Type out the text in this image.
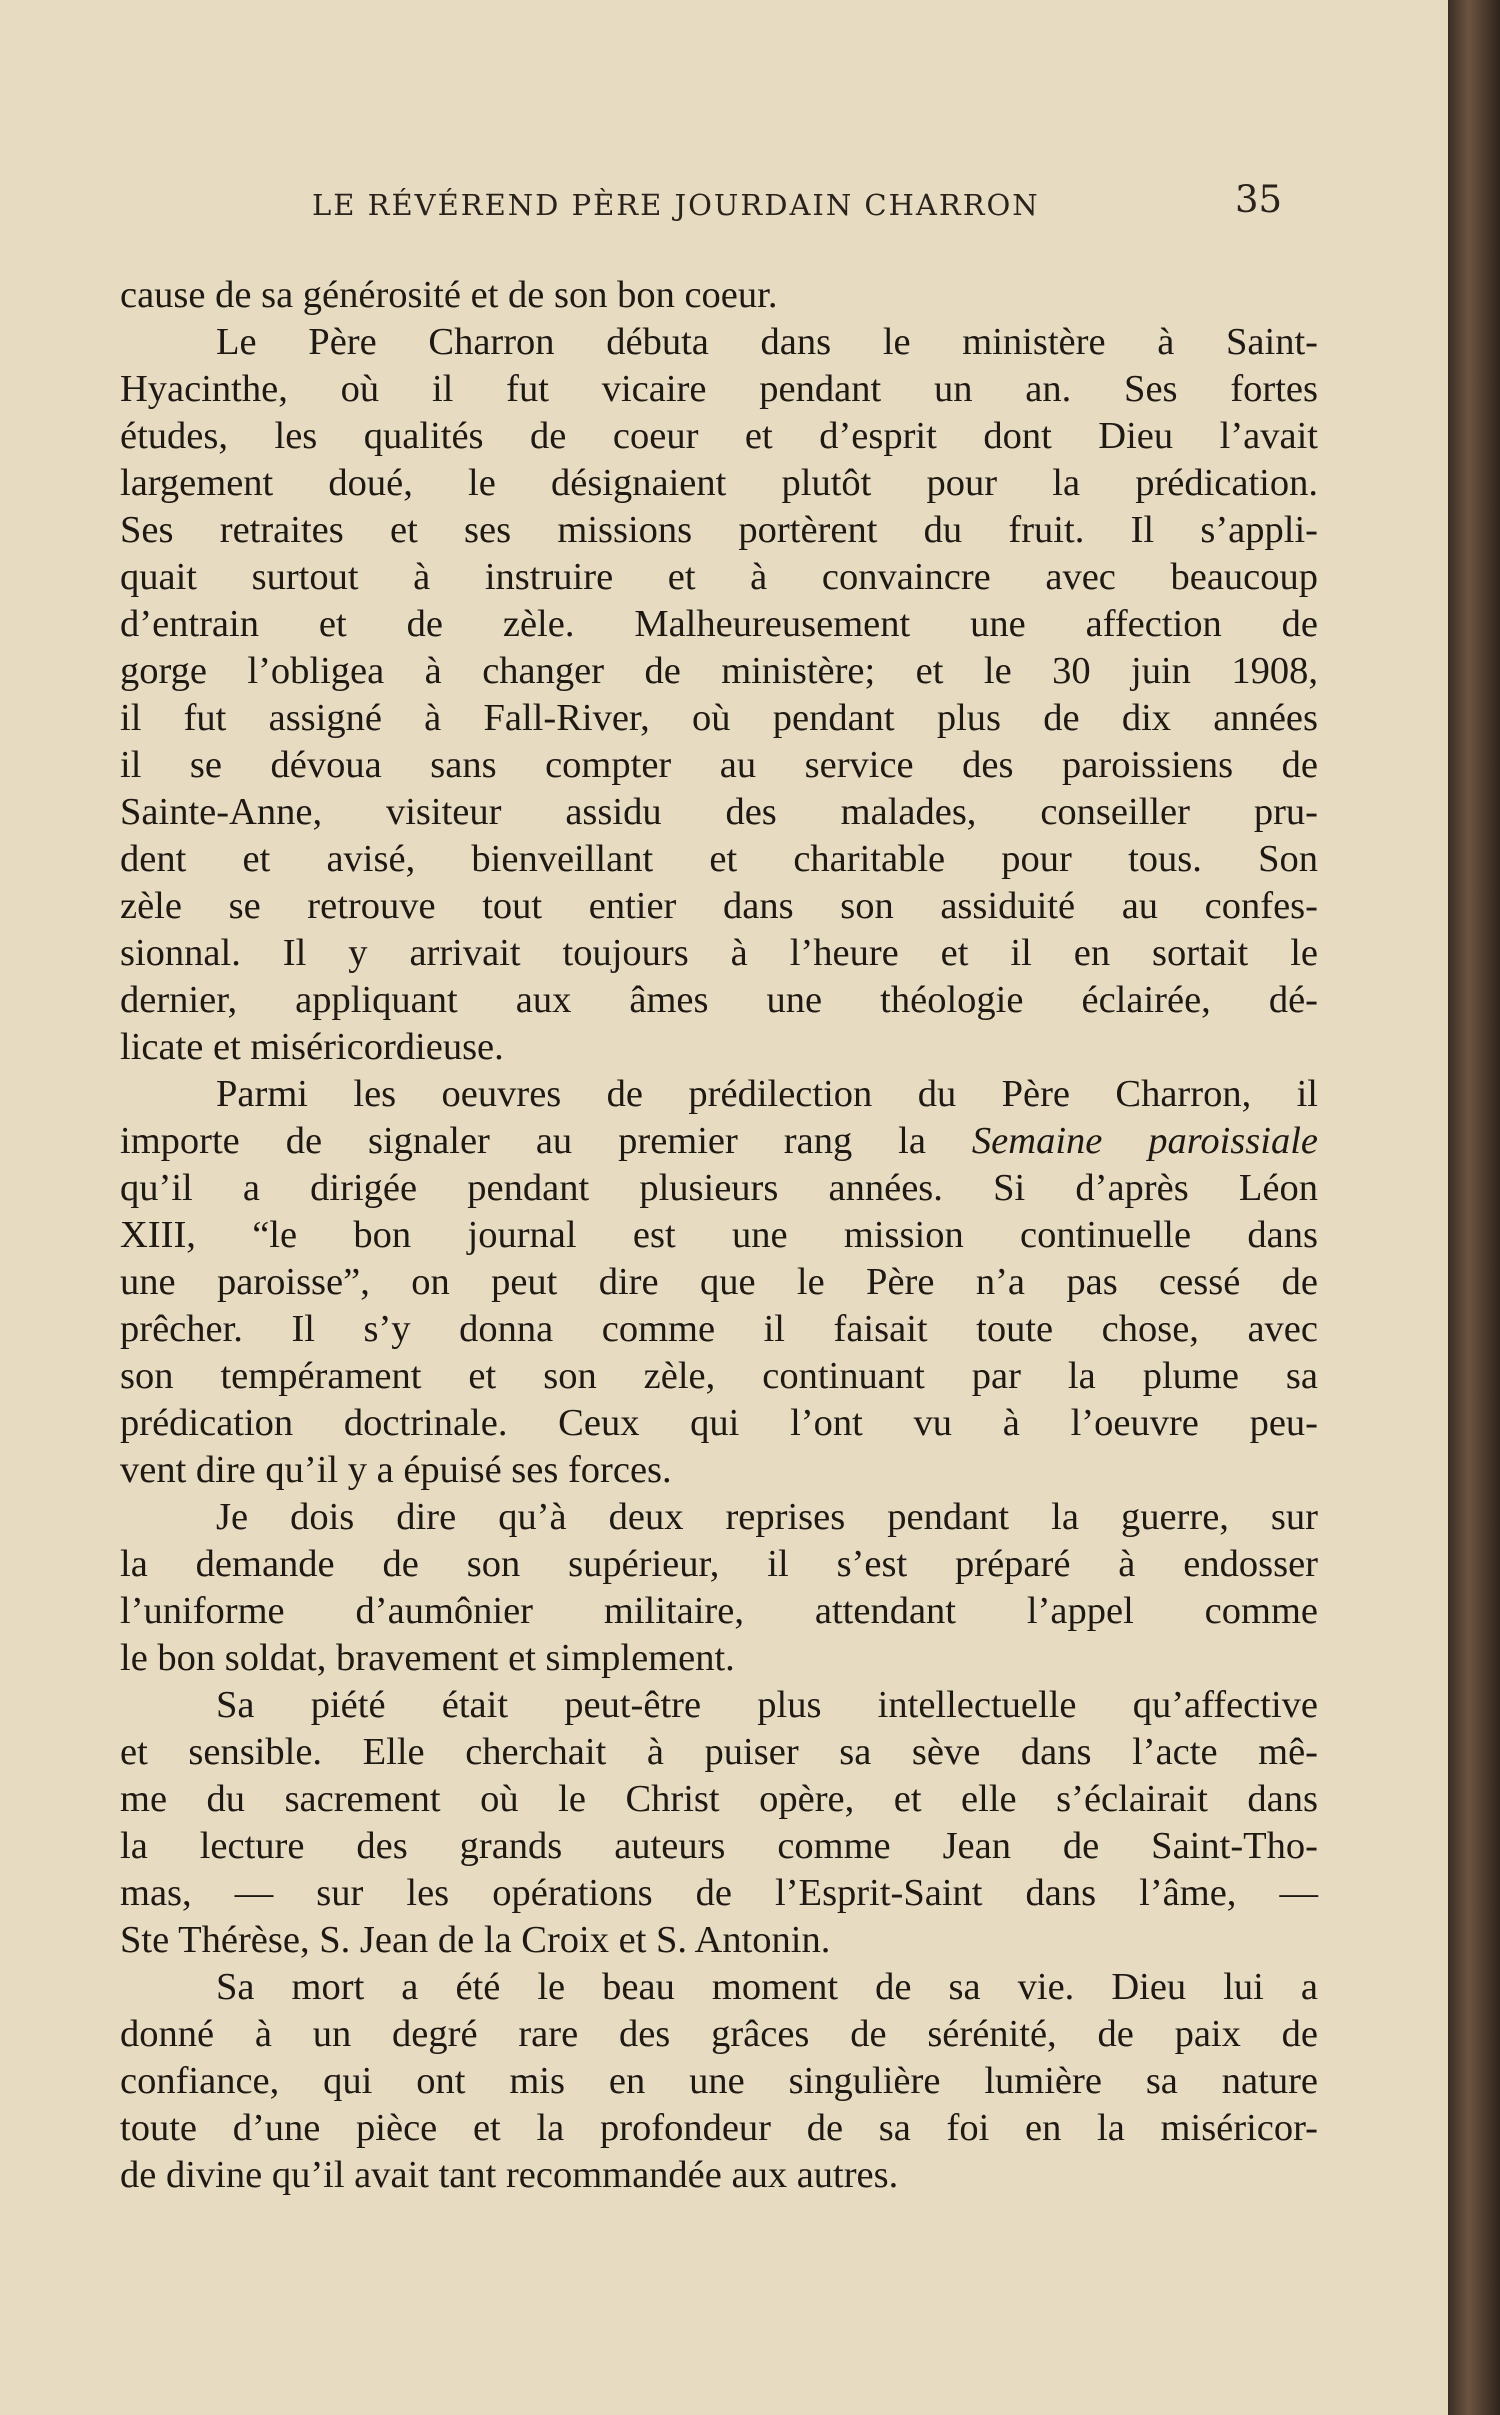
LE RÉVÉREND PÈRE JOURDAIN CHARRON	35
cause de sa générosité et de son bon coeur.
Le Père Charron débuta dans le ministère à Saint-
Hyacinthe, où il fut vicaire pendant un an. Ses fortes
études, les qualités de coeur et d’esprit dont Dieu l’avait
largement doué, le désignaient plutôt pour la prédication.
Ses retraites et ses missions portèrent du fruit. Il s’appli-
quait surtout à instruire et à convaincre avec beaucoup
d’entrain et de zèle. Malheureusement une affection de
gorge l’obligea à changer de ministère; et le 30 juin 1908,
il fut assigné à Fall-River, où pendant plus de dix années
il se dévoua sans compter au service des paroissiens de
Sainte-Anne, visiteur assidu des malades, conseiller pru-
dent et avisé, bienveillant et charitable pour tous. Son
zèle se retrouve tout entier dans son assiduité au confes-
sionnal. Il y arrivait toujours à l’heure et il en sortait le
dernier, appliquant aux âmes une théologie éclairée, dé-
licate et miséricordieuse.
Parmi les oeuvres de prédilection du Père Charron, il
importe de signaler au premier rang la Semaine paroissiale
qu’il a dirigée pendant plusieurs années. Si d’après Léon
XIII, “le bon journal est une mission continuelle dans
une paroisse”, on peut dire que le Père n’a pas cessé de
prêcher. Il s’y donna comme il faisait toute chose, avec
son tempérament et son zèle, continuant par la plume sa
prédication doctrinale. Ceux qui l’ont vu à l’oeuvre peu-
vent dire qu’il y a épuisé ses forces.
Je dois dire qu’à deux reprises pendant la guerre, sur
la demande de son supérieur, il s’est préparé à endosser
l’uniforme d’aumônier militaire, attendant l’appel comme
le bon soldat, bravement et simplement.
Sa piété était peut-être plus intellectuelle qu’affective
et sensible. Elle cherchait à puiser sa sève dans l’acte mê-
me du sacrement où le Christ opère, et elle s’éclairait dans
la lecture des grands auteurs comme Jean de Saint-Tho-
mas, — sur les opérations de l’Esprit-Saint dans l’âme, —
Ste Thérèse, S. Jean de la Croix et S. Antonin.
Sa mort a été le beau moment de sa vie. Dieu lui a
donné à un degré rare des grâces de sérénité, de paix de
confiance, qui ont mis en une singulière lumière sa nature
toute d’une pièce et la profondeur de sa foi en la miséricor-
de divine qu’il avait tant recommandée aux autres.
